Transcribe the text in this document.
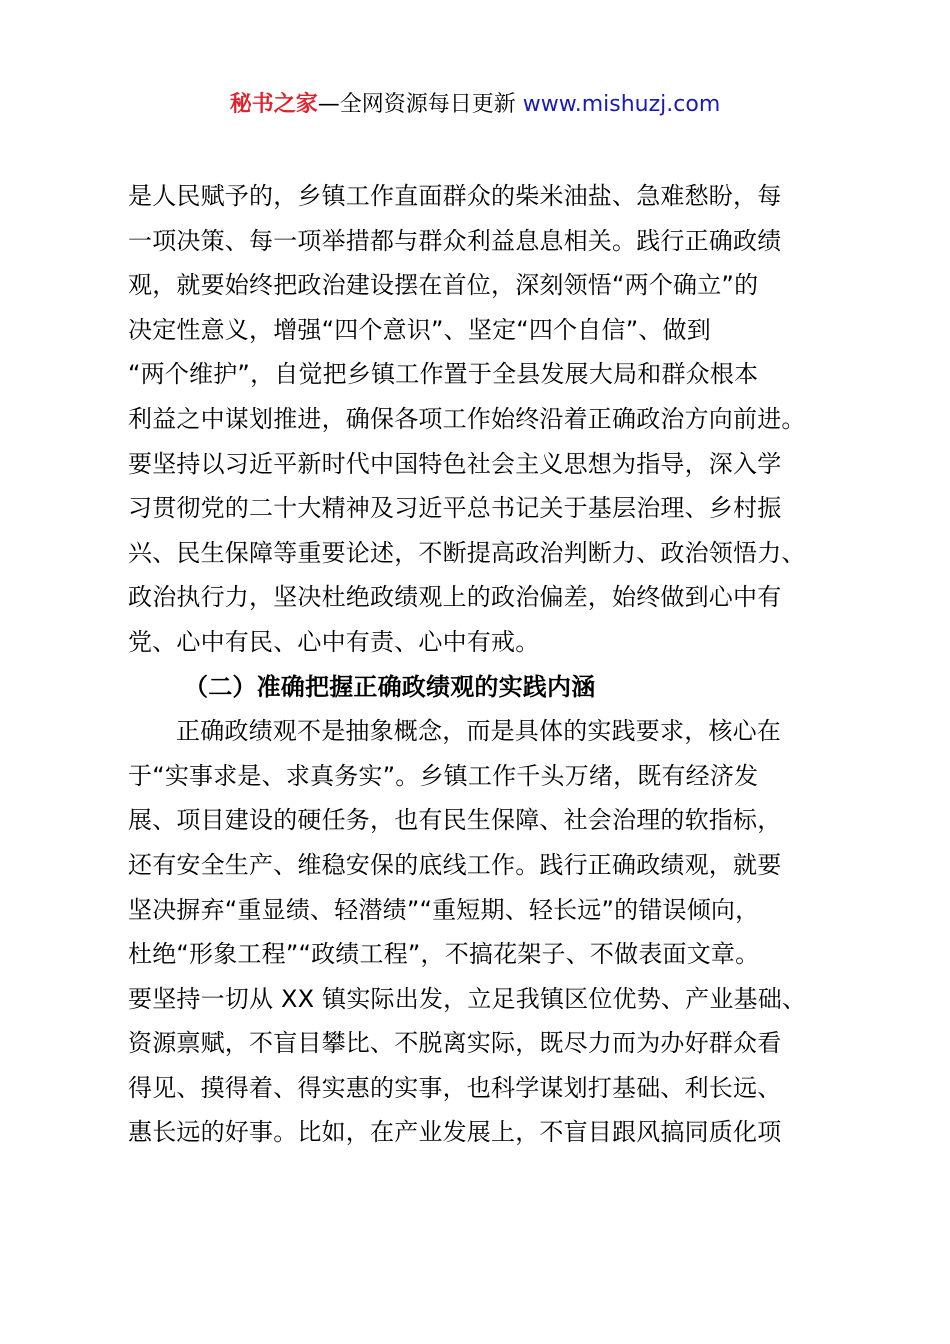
秘书之家—全网资源每日更新 www.mishuzj.com
是人民赋予的，乡镇工作直面群众的柴米油盐、急难愁盼，每
一项决策、每一项举措都与群众利益息息相关。践行正确政绩
观，就要始终把政治建设摆在首位，深刻领悟“两个确立”的
决定性意义，增强“四个意识”、坚定“四个自信”、做到
“两个维护”，自觉把乡镇工作置于全县发展大局和群众根本
利益之中谋划推进，确保各项工作始终沿着正确政治方向前进。
要坚持以习近平新时代中国特色社会主义思想为指导，深入学
习贯彻党的二十大精神及习近平总书记关于基层治理、乡村振
兴、民生保障等重要论述，不断提高政治判断力、政治领悟力、
政治执行力，坚决杜绝政绩观上的政治偏差，始终做到心中有
党、心中有民、心中有责、心中有戒。
（二）准确把握正确政绩观的实践内涵
正确政绩观不是抽象概念，而是具体的实践要求，核心在
于“实事求是、求真务实”。乡镇工作千头万绪，既有经济发
展、项目建设的硬任务，也有民生保障、社会治理的软指标，
还有安全生产、维稳安保的底线工作。践行正确政绩观，就要
坚决摒弃“重显绩、轻潜绩”“重短期、轻长远”的错误倾向，
杜绝“形象工程”“政绩工程”，不搞花架子、不做表面文章。
要坚持一切从 XX 镇实际出发，立足我镇区位优势、产业基础、
资源禀赋，不盲目攀比、不脱离实际，既尽力而为办好群众看
得见、摸得着、得实惠的实事，也科学谋划打基础、利长远、
惠长远的好事。比如，在产业发展上，不盲目跟风搞同质化项
